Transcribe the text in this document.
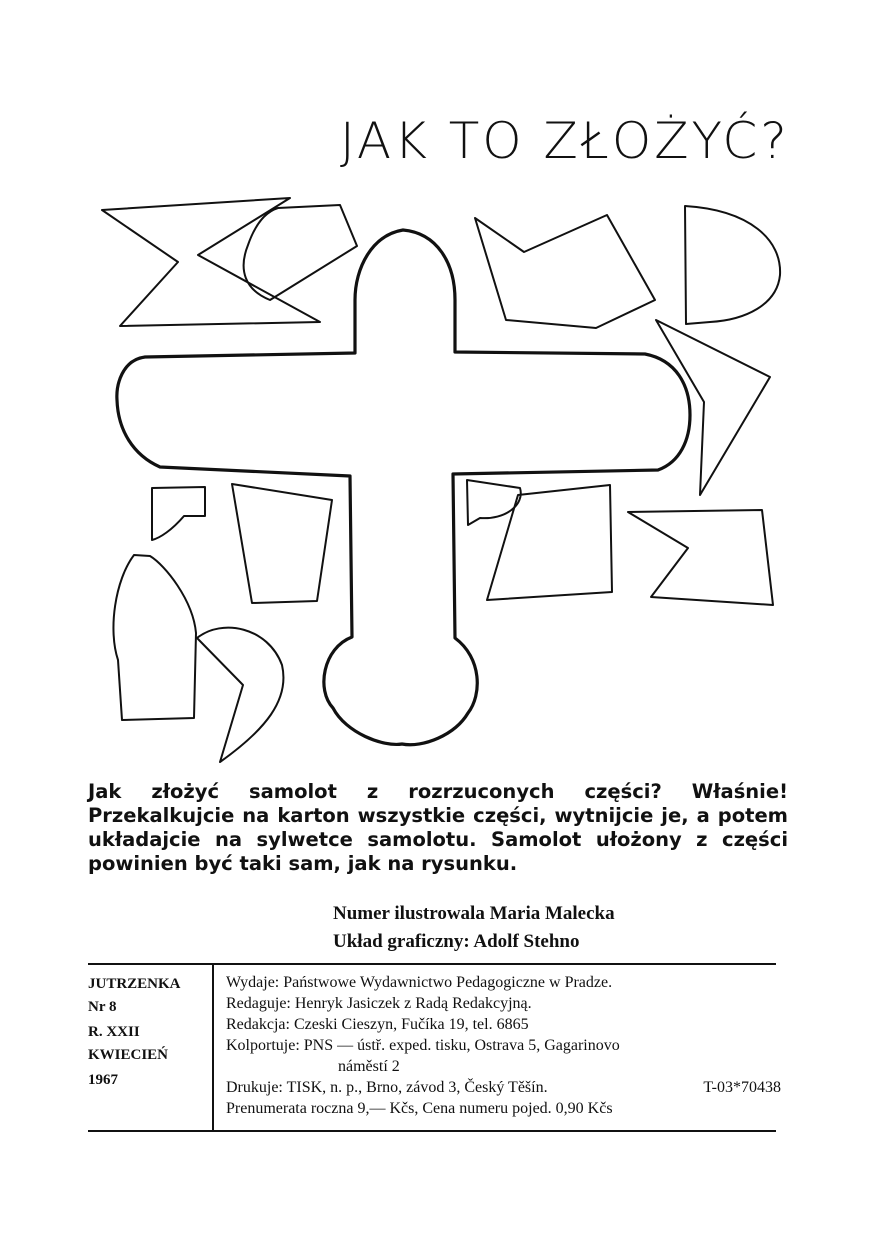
JAK TO ZŁOŻYĆ?
Jak złożyć samolot z rozrzuconych części? Właśnie! Przekalkujcie na karton wszystkie części, wytnijcie je, a potem układajcie na sylwetce samolotu. Samolot ułożony z części powinien być taki sam, jak na rysunku.
Numer ilustrowala Maria Malecka
Układ graficzny: Adolf Stehno
JUTRZENKA
Nr 8
R. XXII
KWIECIEŃ
1967
Wydaje: Państwowe Wydawnictwo Pedagogiczne w Pradze.
Redaguje: Henryk Jasiczek z Radą Redakcyjną.
Redakcja: Czeski Cieszyn, Fučíka 19, tel. 6865
Kolportuje: PNS — ústř. exped. tisku, Ostrava 5, Gagarinovo
náměstí 2
Drukuje: TISK, n. p., Brno, závod 3, Český Těšín.	T-03*70438
Prenumerata roczna 9,— Kčs, Cena numeru pojed. 0,90 Kčs
